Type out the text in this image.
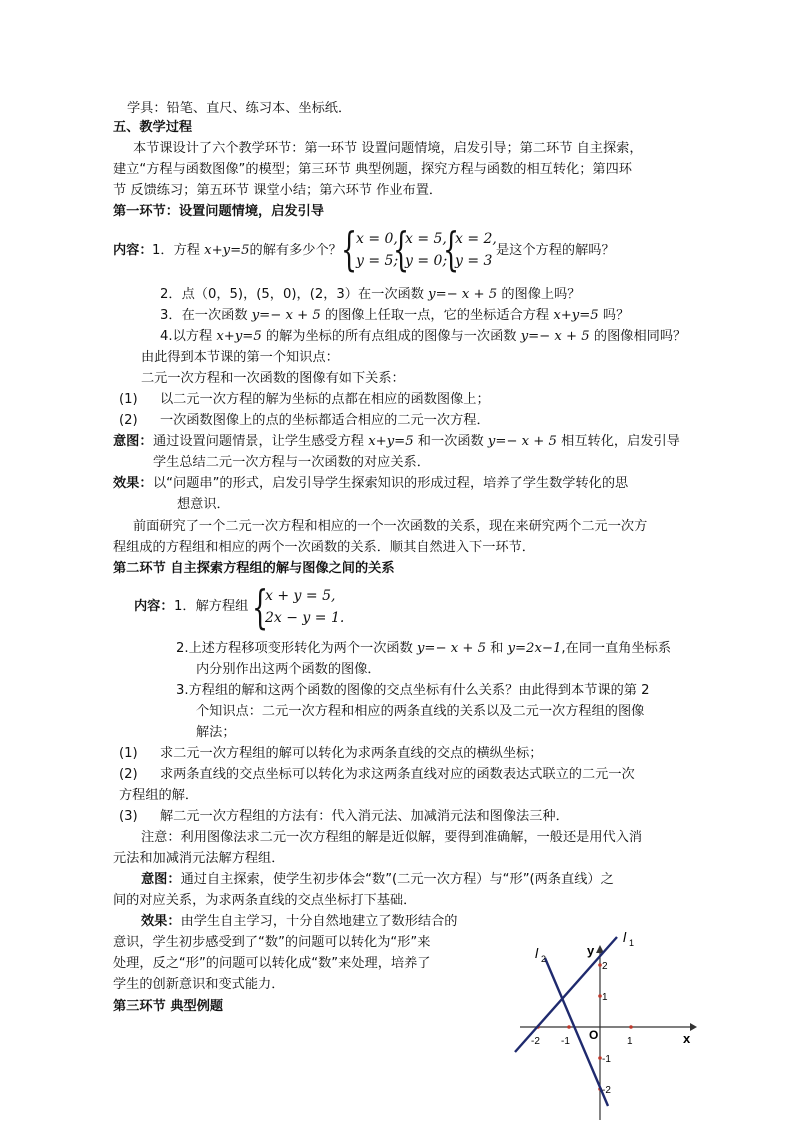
学具：铅笔、直尺、练习本、坐标纸．
五、教学过程
本节课设计了六个教学环节：第一环节 设置问题情境，启发引导；第二环节 自主探索，
建立“方程与函数图像”的模型；第三环节 典型例题，探究方程与函数的相互转化；第四环
节 反馈练习；第五环节 课堂小结；第六环节 作业布置．
第一环节：设置问题情境，启发引导
内容： 1．方程 x+y=5的解有多少个？ {
x = 0,
y = 5;
{
x = 5,
y = 0;
{
x = 2,
y = 3
是这个方程的解吗？
2．点（0，5)，(5，0)，(2，3）在一次函数 y=− x + 5 的图像上吗？
3．在一次函数 y=− x + 5 的图像上任取一点，它的坐标适合方程 x+y=5 吗？
4.以方程 x+y=5 的解为坐标的所有点组成的图像与一次函数 y=− x + 5 的图像相同吗？
由此得到本节课的第一个知识点：
二元一次方程和一次函数的图像有如下关系：
(1) 以二元一次方程的解为坐标的点都在相应的函数图像上；
(2) 一次函数图像上的点的坐标都适合相应的二元一次方程．
意图： 通过设置问题情景，让学生感受方程 x+y=5 和一次函数 y=− x + 5 相互转化，启发引导
学生总结二元一次方程与一次函数的对应关系．
效果： 以“问题串”的形式，启发引导学生探索知识的形成过程，培养了学生数学转化的思
想意识．
前面研究了一个二元一次方程和相应的一个一次函数的关系，现在来研究两个二元一次方
程组成的方程组和相应的两个一次函数的关系．顺其自然进入下一环节．
第二环节 自主探索方程组的解与图像之间的关系
内容： 1．解方程组 {
x + y = 5,
2x − y = 1.
2.上述方程移项变形转化为两个一次函数 y=− x + 5 和 y=2x−1,在同一直角坐标系
内分别作出这两个函数的图像．
3.方程组的解和这两个函数的图像的交点坐标有什么关系？由此得到本节课的第 2
个知识点：二元一次方程和相应的两条直线的关系以及二元一次方程组的图像
解法；
(1) 求二元一次方程组的解可以转化为求两条直线的交点的横纵坐标；
(2) 求两条直线的交点坐标可以转化为求这两条直线对应的函数表达式联立的二元一次
方程组的解．
(3) 解二元一次方程组的方法有：代入消元法、加减消元法和图像法三种．
注意：利用图像法求二元一次方程组的解是近似解，要得到准确解，一般还是用代入消
元法和加减消元法解方程组．
意图：通过自主探索，使学生初步体会“数”(二元一次方程）与“形”(两条直线）之
间的对应关系，为求两条直线的交点坐标打下基础．
效果：由学生自主学习，十分自然地建立了数形结合的
意识，学生初步感受到了“数”的问题可以转化为“形”来
处理，反之“形”的问题可以转化成“数”来处理，培养了
学生的创新意识和变式能力．
第三环节 典型例题
l 1
l 2
y
x
O
-2 -1	1
2
1
-1
-2
